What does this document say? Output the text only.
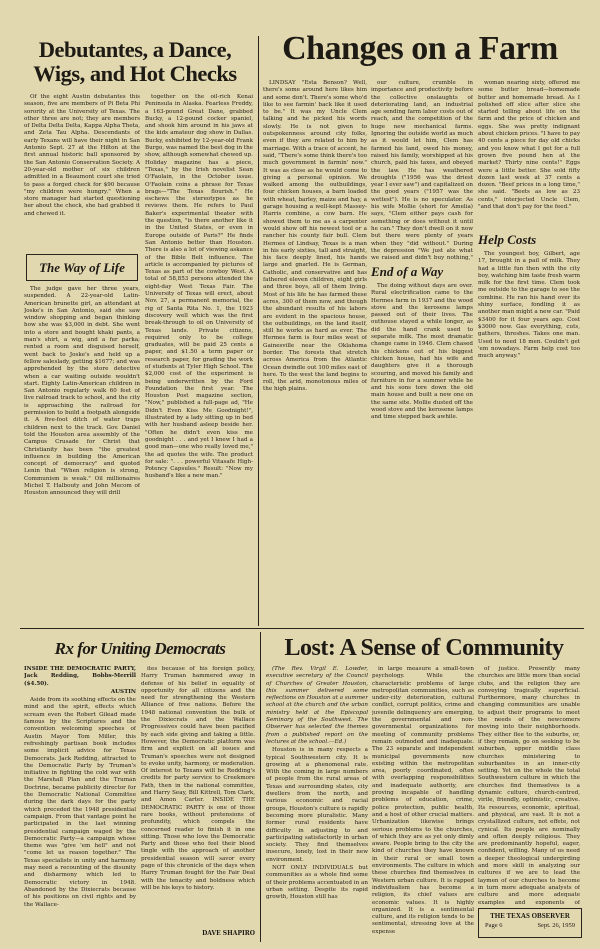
Debutantes, a Dance, Wigs, and Hot Checks

Of the eight Austin debutantes this season, five are members of Pi Beta Phi sorority at the University of Texas. The other three are not; they are members of Delta Delta Delta, Kappa Alpha Theta, and Zeta Tau Alpha. Descendants of early Texans will have their night in San Antonio Sept. 27 at the Hilton at the first annual historic ball sponsored by the San Antonio Conservation Society. A 20-year-old mother of six children admitted in a Beaumont court she tried to pass a forged check for $90 because "my children were hungry." When a store manager had started questioning her about the check, she had grabbed it and chewed it.

The Way of Life

The judge gave her three years, suspended. A 22-year-old Latin-American brunette girl, an attendant at Joske's in San Antonio, said she saw window shopping and began thinking how she was $3,000 in debt. She went into a store and bought khaki pants, a man's shirt, a wig, and a fur parka; rented a room and disguised herself, went back to Joske's and held up a fellow saleslady, getting $1677; and was apprehended by the store detective when a car waiting outside wouldn't start. Eighty Latin-American children in San Antonio regularly walk 60 feet of live railroad track to school, and the city is approaching the railroad for permission to build a footpath alongside it. A five-foot ditch of water traps children next to the track. Gov. Daniel told the Houston area assembly of the Campus Crusade for Christ that Christianity has been "the greatest influence in building the American concept of democracy" and quoted Lenin that "When religion is strong, Communism is weak." Oil millionaires Michel T. Halbouty and John Mecom of Houston announced they will drill

together on the oil-rich Kenai Peninsula in Alaska. Fearless Freddy, a 163-pound Great Dane, grabbed Bucky, a 12-pound cocker spaniel, and shook him around in his jaws at the kids amateur dog show in Dallas. Bucky, exhibited by 12-year-old Frank Burgo, was named the best dog in the show, although somewhat chewed up. Holiday magazine has a piece, "Texas," by the Irish novelist Sean O'Faolain, in the October issue. O'Faolain coins a phrase for Texas brags—"The Texas flourish." He eschews the stereotypes as he reviews them. He refers to Paul Baker's experimental theater with the question, "is there another like it in the United States, or even in Europe outside of Paris?" He finds San Antonio better than Houston. There is also a lot of viewing askance of the Bible Belt influence. The article is accompanied by pictures of Texas as part of the cowboy West. A total of 58,853 persons attended the eight-day West Texas Fair. The University of Texas will erect, about Nov. 27, a permanent memorial, the rig of Santa Rita No. 1, the 1923 discovery well which was the first break-through to oil on University of Texas lands. Private citizens, required only to be college graduates, will be paid 25 cents a paper, and $1.50 a term paper or research paper, for grading the work of students at Tyler High School. The $2,000 cost of the experiment is being underwritten by the Ford Foundation the first year. The Houston Post magazine section, "Now," published a full-page ad, "He Didn't Even Kiss Me Goodnight!", illustrated by a lady sitting up in bed with her husband asleep beside her. "Often he didn't even kiss me goodnight . . . and yet I knew I had a good man—one who really loved me," the ad quotes the wife. The product for sale: ". . . powerful Vitasafe High-Potency Capsules." Result: "Now my husband's like a new man."

Changes on a Farm

LINDSAY "Esta Benson? Well, there's some around here likes him and some don't. There's some who'd like to see farmin' back like it used to be." It was my Uncle Clem talking and he picked his words slowly. He is not given to outspokenness around city folks, even if they are related to him by marriage. With a trace of accent, he said, "There's some think there's too much government in farmin' now." It was as close as he would come to giving a personal opinion. We walked among the outbuildings, four chicken houses, a barn loaded with wheat, barley, maize and hay, a garage housing a well-kept Massey-Harris combine, a cow barn. He showed them to me as a carpenter would show off his newest tool or a rancher his county fair bull. Clem Hermes of Lindsay, Texas is a man in his early sixties, tall and straight, his face deeply lined, his hands large and gnarled. He is German, Catholic, and conservative and has fathered eleven children, eight girls and three boys, all of them living. Most of his life he has farmed these acres, 300 of them now, and though the abundant results of his labors are evident in the spacious house, the outbuildings, on the land itself, still he works as hard as ever. The Hermes farm is four miles west of Gainesville near the Oklahoma border. The forests that stretch across America from the Atlantic Ocean dwindle out 100 miles east of here. To the west the land begins to roll, the arid, monotonous miles of the high plains.

our culture, crumble in importance and productivity before the collective onslaughts of deteriorating land, an industrial age sending farm labor costs out of reach, and the competition of the huge new mechanical farms. Ignoring the outside world as much as it would let him, Clem has farmed his land, owed his money, raised his family, worshipped at his church, paid his taxes, and obeyed the law. He has weathered droughts ("1956 was the driest year I ever saw") and capitalized on the good years ("1957 was the wettest"). He is no speculator. As his wife Mollie (short for Amelia) says, "Clem either pays cash for something or does without it until he can." They don't dwell on it now but there were plenty of years when they "did without." During the depression "We just ate what we raised and didn't buy nothing,"

End of a Way

The doing without days are over. Rural electrification came to the Hermes farm in 1937 and the wood stove and the kerosene lamps passed out of their lives. The outhouse stayed a while longer, as did the hand crank used to separate milk. The most dramatic change came in 1946. Clem chased his chickens out of his biggest chicken house, had his wife and daughters give it a thorough scouring, and moved his family and furniture in for a summer while he and his sons tore down the old main house and built a new one on the same site. Mollie dusted off the wood stove and the kerosene lamps and time stepped back awhile.

woman nearing sixty, offered me some butter bread—homemade butter and homemade bread. As I polished off slice after slice she started telling about life on the farm and the price of chicken and eggs. She was pretty indignant about chicken prices. "I have to pay 40 cents a piece for day old chicks and you know what I get for a full grown five pound hen at the market? Thirty nine cents!" Eggs were a little better. She sold fifty dozen last week at 37 cents a dozen. "Beef prices in a long time," she said. "Beets as low as 23 cents," interjected Uncle Clem, "and that don't pay for the feed."

Help Costs

The youngest boy, Gilbert, age 17, brought in a pail of milk. They had a little fun then with the city boy, watching him taste fresh warm milk for the first time. Clem took me outside to the garage to see the combine. He ran his hand over its shiny surface, fondling it as another man might a new car. "Paid $3400 for it four years ago. Cost $3000 now. Gas everything, cuts, gathers, threshes. Takes one man. Used to need 18 men. Couldn't get 'em nowadays. Farm help cost too much anyway."

Rx for Uniting Democrats

INSIDE THE DEMOCRATIC PARTY, Jack Redding, Bobbs-Merrill ($4.50).

AUSTIN

Aside from its soothing effects on the mind and the spirit, effects which scream even the Robert Gilead made famous by the Scriptures and the convention welcoming speeches of Austin Mayor Tom Miller, this refreshingly partisan book includes some implicit advice for Texas Democrats. Jack Redding, attracted to the Democratic Party by Truman's initiative in fighting the cold war with the Marshall Plan and the Truman Doctrine, became publicity director for the Democratic National Committee during the dark days for the party which preceded the 1948 presidential campaign. From that vantage point he participated in the last winning presidential campaign waged by the Democratic Party—a campaign whose theme was "give 'em hell" and not "come let us reason together." The Texas specialists in unity and harmony may need a recounting of the disunity and disharmony which led to Democratic victory in 1948. Abandoned by the Dixiecrats because of his positions on civil rights and by the Wallace-

ites because of his foreign policy, Harry Truman hammered away in defense of his belief in equality of opportunity for all citizens and the need for strengthening the Western Alliance of free nations. Before the 1948 national convention the bulk of the Dixiecrats and the Wallace Progressives could have been pacified by each side giving and taking a little. However, the Democratic platform was firm and explicit on all issues and Truman's speeches were not designed to evoke unity, harmony, or moderation. Of interest to Texans will be Redding's credits for party service to Creekmore Fath, then in the national committee, and Harry Seay, Bill Kittrell, Tom Clark, and Amon Carter. INSIDE THE DEMOCRATIC PARTY is one of those rare books, without pretensions of profundity, which compels the concerned reader to finish it in one sitting. Those who love the Democratic Party and those who feel their blood tingle with the approach of another presidential season will savor every page of this chronicle of the days when Harry Truman fought for the Fair Deal with the tenacity and boldness which will be his keys to history.

DAVE SHAPIRO
Lost: A Sense of Community

(The Rev. Virgil E. Lowder, executive secretary of the Council of Churches of Greater Houston, this summer delivered some reflections on Houston at a summer school at the church and the urban ministry held at the Episcopal Seminary of the Southwest. The Observer has selected the themes from a published report on the lectures at the school.—Ed.)

Houston is in many respects a typical Southwestern city. It is growing at a phenomenal rate. With the coming in large numbers of people from the rural areas of Texas and surrounding states, city dwellers from the north, and various economic and racial groups, Houston's culture is rapidly becoming more pluralistic. Many former rural residents have difficulty in adjusting to and participating satisfactorily in urban society. They find themselves insecure, lonely, lost in their new environment.

NOT ONLY INDIVIDUALS but communities as a whole find some of their problems accentuated in an urban setting. Despite its rapid growth, Houston still has

in large measure a small-town psychology. While the characteristic problems of large metropolitan communities, such as under-city deterioration, cultural conflict, corrupt politics, crime and juvenile delinquency are emerging, the governmental and non-governmental organizations for meeting of community problems remain outmoded and inadequate. The 23 separate and independent municipal governments now existing within the metropolitan area, poorly coordinated, often with overlapping responsibilities and inadequate authority, are proving incapable of handling problems of education, crime, police protection, public health, and a host of other crucial matters. Urbanization likewise brings serious problems to the churches, of which they are as yet only dimly aware. People bring to the city the kind of churches they have known in their rural or small town environments. The culture in which these churches find themselves in Western urban culture. It is rapped individualism has become a religion, its chief values are economic values. It is highly organized. It is a sentimental culture, and its religion tends to be sentimental, stressing love at the expense

of justice. Presently many churches are little more than social clubs, and the religion they are conveying tragically superficial. Furthermore, many churches in changing communities are unable to adjust their programs to meet the needs of the newcomers moving into their neighborhoods. They either flee to the suburbs, or, if they remain, go on seeking to be suburban, upper middle class churches ministering to suburbanites in an inner-city setting. Yet on the whole the total Southwestern culture in which the churches find themselves is a dynamic culture, church-centred, virile, friendly, optimistic, creative. Its resources, economic, spiritual, and physical, are vast. It is not a crystallized culture, not effete, not cynical. Its people are nominally and often deeply religious. They are predominantly hopeful, eager, confident, willing. Many of us need a deeper theological undergirding and more skill in analyzing our cultures if we are to lead the laymen of our churches to become in turn more adequate analysts of culture and more adequate examples and exponents of

THE TEXAS OBSERVER
Page 6	Sept. 26, 1959
